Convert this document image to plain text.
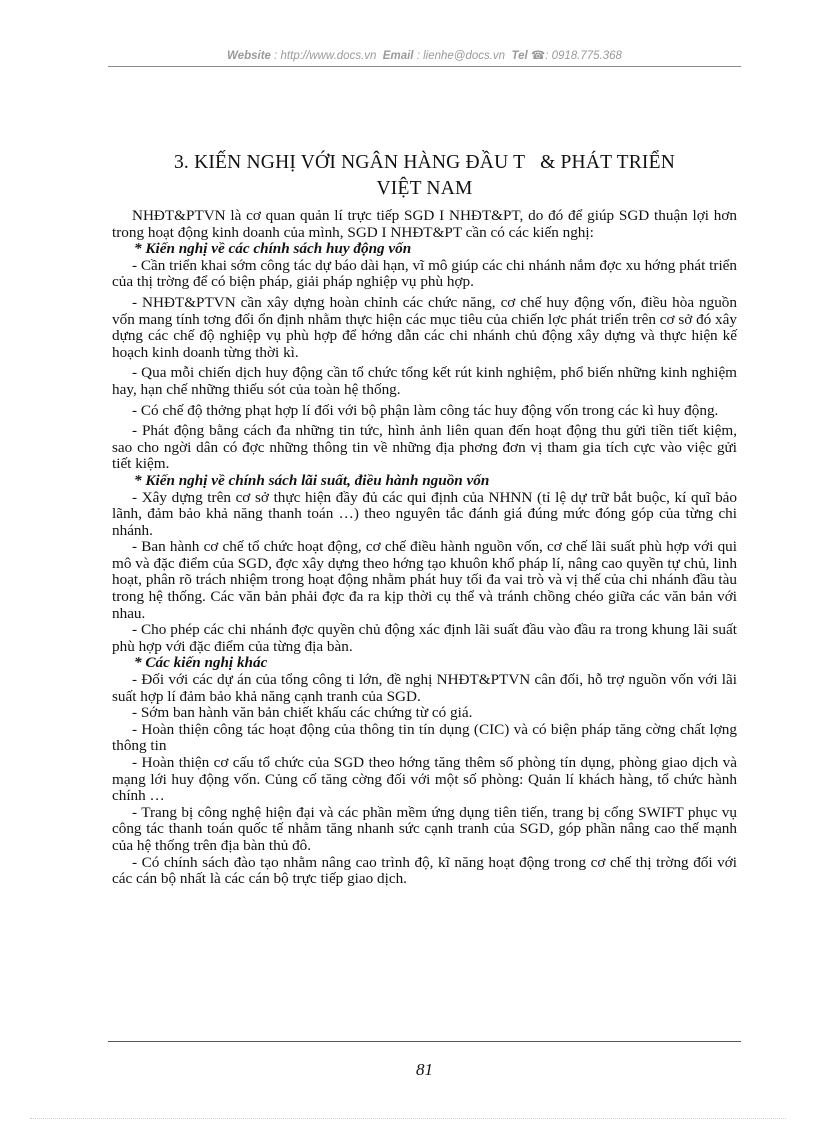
Website : http://www.docs.vn Email : lienhe@docs.vn Tel ☎: 0918.775.368
3. KIẾN NGHỊ VỚI NGÂN HÀNG ĐẦU T   & PHÁT TRIỂN
VIỆT NAM

NHĐT&PTVN là cơ quan quản lí trực tiếp SGD I NHĐT&PT, do đó để giúp SGD thuận lợi hơn trong hoạt động kinh doanh của mình, SGD I NHĐT&PT cần có các kiến nghị:

* Kiến nghị về các chính sách huy động vốn

- Cần triển khai sớm công tác dự báo dài hạn, vĩ mô giúp các chi nhánh nắm đợc xu hớng phát triển của thị trờng để có biện pháp, giải pháp nghiệp vụ phù hợp.

- NHĐT&PTVN cần xây dựng hoàn chỉnh các chức năng, cơ chế huy động vốn, điều hòa nguồn vốn mang tính tơng đối ổn định nhằm thực hiện các mục tiêu của chiến lợc phát triển trên cơ sở đó xây dựng các chế độ nghiệp vụ phù hợp để hớng dẫn các chi nhánh chủ động xây dựng và thực hiện kế hoạch kinh doanh từng thời kì.

- Qua mỗi chiến dịch huy động cần tổ chức tổng kết rút kinh nghiệm, phổ biến những kinh nghiệm hay, hạn chế những thiếu sót của toàn hệ thống.

- Có chế độ thởng phạt hợp lí đối với bộ phận làm công tác huy động vốn trong các kì huy động.

- Phát động bằng cách đa những tin tức, hình ảnh liên quan đến hoạt động thu gửi tiền tiết kiệm, sao cho ngời dân có đợc những thông tin về những địa phơng đơn vị tham gia tích cực vào việc gửi tiết kiệm.

* Kiến nghị về chính sách lãi suất, điều hành nguồn vốn

- Xây dựng trên cơ sở thực hiện đầy đủ các qui định của NHNN (tỉ lệ dự trữ bắt buộc, kí quĩ bảo lãnh, đảm bảo khả năng thanh toán …) theo nguyên tắc đánh giá đúng mức đóng góp của từng chi nhánh.

- Ban hành cơ chế tổ chức hoạt động, cơ chế điều hành nguồn vốn, cơ chế lãi suất phù hợp với qui mô và đặc điểm của SGD, đợc xây dựng theo hớng tạo khuôn khổ pháp lí, nâng cao quyền tự chủ, linh hoạt, phân rõ trách nhiệm trong hoạt động nhằm phát huy tối đa vai trò và vị thế của chi nhánh đầu tàu trong hệ thống. Các văn bản phải đợc đa ra kịp thời cụ thể và tránh chồng chéo giữa các văn bản với nhau.

- Cho phép các chi nhánh đợc quyền chủ động xác định lãi suất đầu vào đầu ra trong khung lãi suất phù hợp với đặc điểm của từng địa bàn.

* Các kiến nghị khác

- Đối với các dự án của tổng công ti lớn, đề nghị NHĐT&PTVN cân đối, hỗ trợ nguồn vốn với lãi suất hợp lí đảm bảo khả năng cạnh tranh của SGD.

- Sớm ban hành văn bản chiết khấu các chứng từ có giá.

- Hoàn thiện công tác hoạt động của thông tin tín dụng (CIC) và có biện pháp tăng cờng chất lợng thông tin

- Hoàn thiện cơ cấu tổ chức của SGD theo hớng tăng thêm số phòng tín dụng, phòng giao dịch và mạng lới huy động vốn. Củng cố tăng cờng đối với một số phòng: Quản lí khách hàng, tổ chức hành chính …

- Trang bị công nghệ hiện đại và các phần mềm ứng dụng tiên tiến, trang bị cổng SWIFT phục vụ công tác thanh toán quốc tế nhằm tăng nhanh sức cạnh tranh của SGD, góp phần nâng cao thế mạnh của hệ thống trên địa bàn thủ đô.

- Có chính sách đào tạo nhằm nâng cao trình độ, kĩ năng hoạt động trong cơ chế thị trờng đối với các cán bộ nhất là các cán bộ trực tiếp giao dịch.

81
